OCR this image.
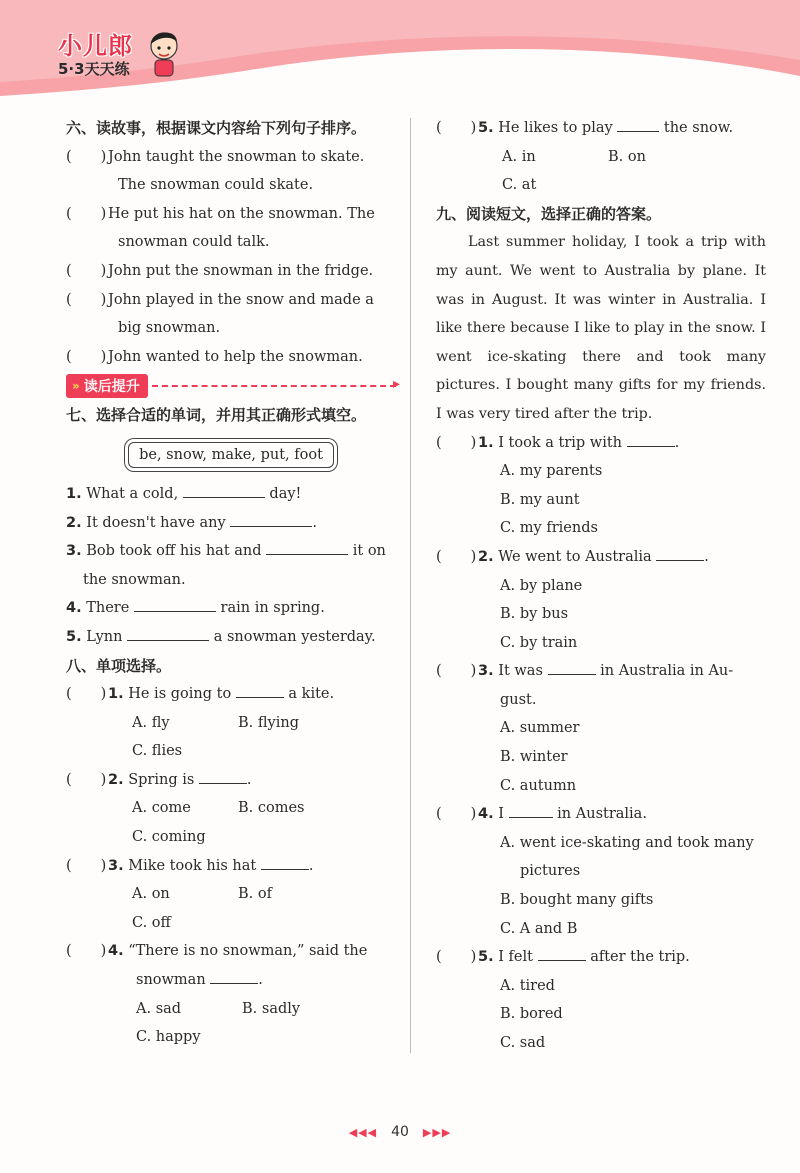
小儿郎
5·3天天练
六、读故事，根据课文内容给下列句子排序。
(　　) John taught the snowman to skate.
The snowman could skate.
(　　) He put his hat on the snowman. The
snowman could talk.
(　　) John put the snowman in the fridge.
(　　) John played in the snow and made a
big snowman.
(　　) John wanted to help the snowman.
» 读后提升
▸
七、选择合适的单词，并用其正确形式填空。
be, snow, make, put, foot
1. What a cold,	day!
2. It doesn't have any	.
3. Bob took off his hat and	it on
the snowman.
4. There	rain in spring.
5. Lynn	a snowman yesterday.
八、单项选择。
(　　) 1. He is going to	a kite.
A. fly	B. flying
C. flies
(　　) 2. Spring is	.
A. come	B. comes
C. coming
(　　) 3. Mike took his hat	.
A. on	B. of
C. off
(　　) 4. “There is no snowman,” said the
snowman	.
A. sad	B. sadly
C. happy
(　　) 5. He likes to play	the snow.
A. in	B. on
C. at
九、阅读短文，选择正确的答案。

Last summer holiday, I took a trip with my aunt. We went to Australia by plane. It was in August. It was winter in Australia. I like there because I like to play in the snow. I went ice-skating there and took many pictures. I bought many gifts for my friends. I was very tired after the trip.

(　　) 1. I took a trip with	.
A. my parents
B. my aunt
C. my friends
(　　) 2. We went to Australia	.
A. by plane
B. by bus
C. by train
(　　) 3. It was	in Australia in Au-
gust.
A. summer
B. winter
C. autumn
(　　) 4. I	in Australia.
A. went ice-skating and took many
pictures
B. bought many gifts
C. A and B
(　　) 5. I felt	after the trip.
A. tired
B. bored
C. sad
◀◀◀ 40 ▶▶▶
